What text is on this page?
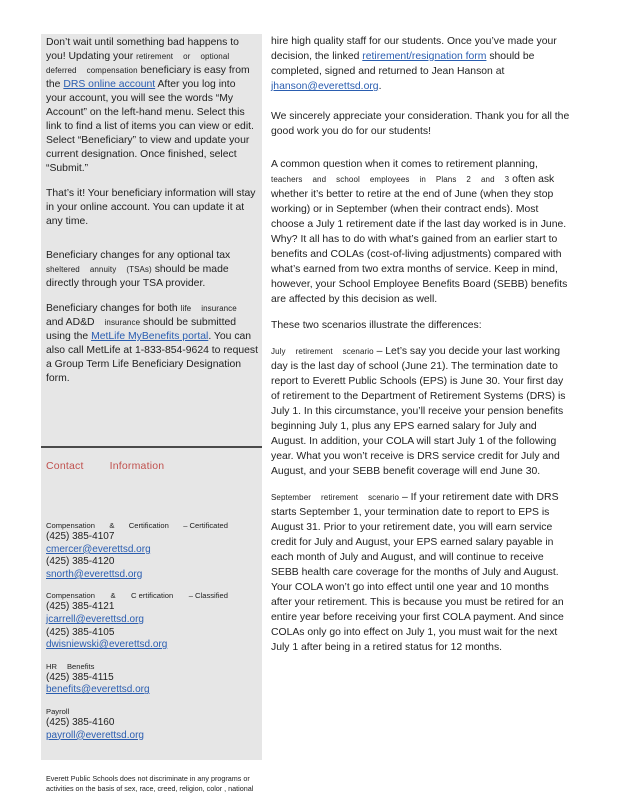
Don’t wait until something bad happens to you! Updating your retirement or optional deferred compensation beneficiary is easy from the DRS online account After you log into your account, you will see the words “My Account” on the left-hand menu. Select this link to find a list of items you can view or edit. Select “Beneficiary” to view and update your current designation. Once finished, select “Submit.”

That’s it! Your beneficiary information will stay in your online account. You can update it at any time.

Beneficiary changes for any optional tax
sheltered annuity (TSAs) should be made directly through your TSA provider.

Beneficiary changes for both life insurance
and AD&D insurance should be submitted using the MetLife MyBenefits portal. You can also call MetLife at 1-833-854-9624 to request a Group Term Life Beneficiary Designation form.

Contact Information
Compensation & Certification – Certificated
(425) 385-4107
cmercer@everettsd.org
(425) 385-4120
snorth@everettsd.org
Compensation & C ertification – Classified
(425) 385-4121
jcarrell@everettsd.org
(425) 385-4105
dwisniewski@everettsd.org
HR Benefits
(425) 385-4115
benefits@everettsd.org
Payroll
(425) 385-4160
payroll@everettsd.org
Everett Public Schools does not discriminate in any programs or activities on the basis of sex, race, creed, religion, color , national

hire high quality staff for our students. Once you’ve made your decision, the linked retirement/resignation form should be completed, signed and returned to Jean Hanson at jhanson@everettsd.org.

We sincerely appreciate your consideration. Thank you for all the good work you do for our students!

A common question when it comes to retirement planning,
teachers and school employees in Plans 2 and 3 often ask whether it’s better to retire at the end of June (when they stop working) or in September (when their contract ends). Most choose a July 1 retirement date if the last day worked is in June. Why? It all has to do with what’s gained from an earlier start to benefits and COLAs (cost-of-living adjustments) compared with what’s earned from two extra months of service. Keep in mind, however, your School Employee Benefits Board (SEBB) benefits are affected by this decision as well.

These two scenarios illustrate the differences:

July retirement scenario – Let’s say you decide your last working day is the last day of school (June 21). The termination date to report to Everett Public Schools (EPS) is June 30. Your first day of retirement to the Department of Retirement Systems (DRS) is July 1. In this circumstance, you’ll receive your pension benefits beginning July 1, plus any EPS earned salary for July and August. In addition, your COLA will start July 1 of the following year. What you won’t receive is DRS service credit for July and August, and your SEBB benefit coverage will end June 30.

September retirement scenario – If your retirement date with DRS starts September 1, your termination date to report to EPS is August 31. Prior to your retirement date, you will earn service credit for July and August, your EPS earned salary payable in each month of July and August, and will continue to receive SEBB health care coverage for the months of July and August. Your COLA won’t go into effect until one year and 10 months after your retirement. This is because you must be retired for an entire year before receiving your first COLA payment. And since COLAs only go into effect on July 1, you must wait for the next July 1 after being in a retired status for 12 months.
